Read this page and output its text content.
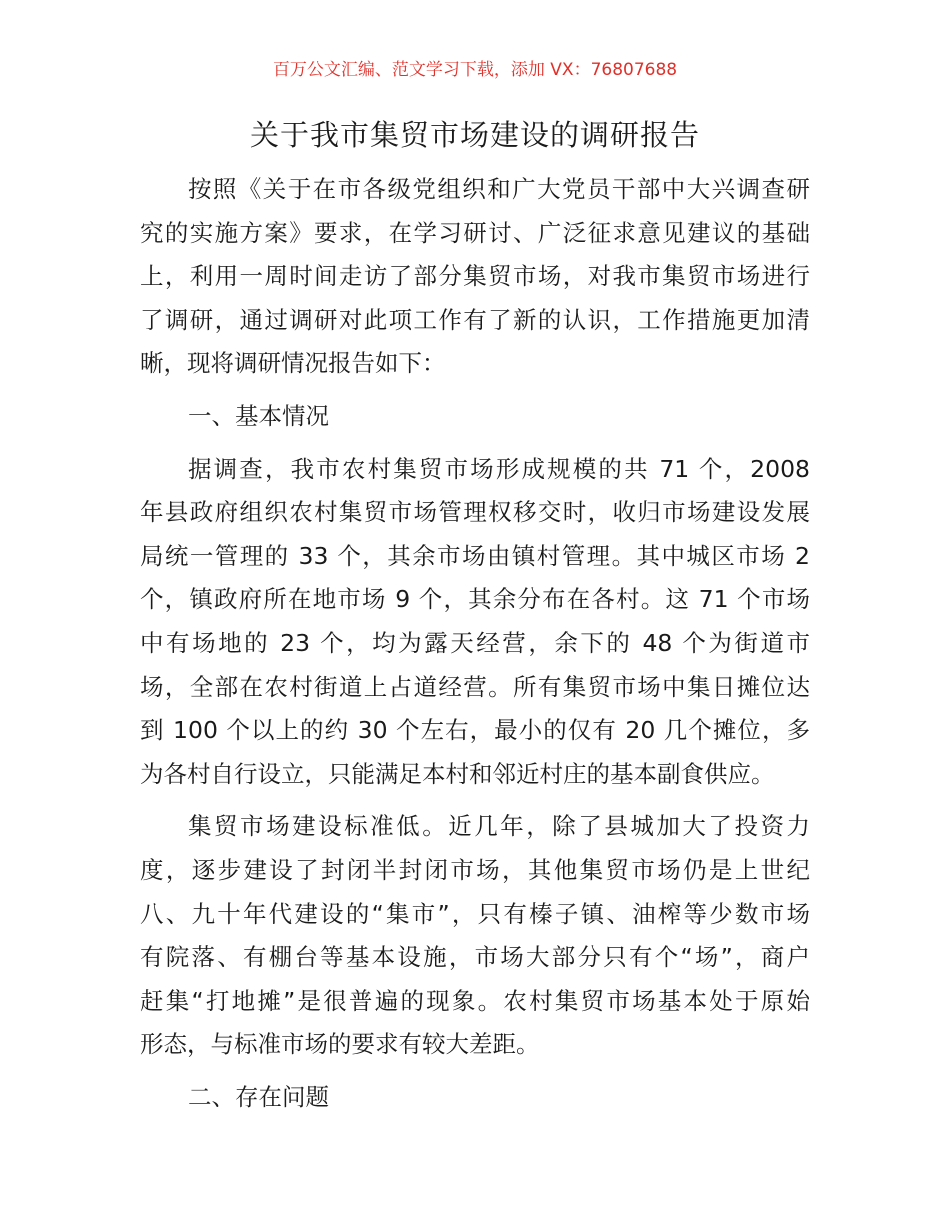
百万公文汇编、范文学习下载，添加 VX：76807688
关于我市集贸市场建设的调研报告
按照《关于在市各级党组织和广大党员干部中大兴调查研
究的实施方案》要求，在学习研讨、广泛征求意见建议的基础
上，利用一周时间走访了部分集贸市场，对我市集贸市场进行
了调研，通过调研对此项工作有了新的认识，工作措施更加清
晰，现将调研情况报告如下：
一、基本情况
据调查，我市农村集贸市场形成规模的共 71 个，2008
年县政府组织农村集贸市场管理权移交时，收归市场建设发展
局统一管理的 33 个，其余市场由镇村管理。其中城区市场 2
个，镇政府所在地市场 9 个，其余分布在各村。这 71 个市场
中有场地的 23 个，均为露天经营，余下的 48 个为街道市
场，全部在农村街道上占道经营。所有集贸市场中集日摊位达
到 100 个以上的约 30 个左右，最小的仅有 20 几个摊位，多
为各村自行设立，只能满足本村和邻近村庄的基本副食供应。
集贸市场建设标准低。近几年，除了县城加大了投资力
度，逐步建设了封闭半封闭市场，其他集贸市场仍是上世纪
八、九十年代建设的“集市”，只有榛子镇、油榨等少数市场
有院落、有棚台等基本设施，市场大部分只有个“场”，商户
赶集“打地摊”是很普遍的现象。农村集贸市场基本处于原始
形态，与标准市场的要求有较大差距。
二、存在问题
